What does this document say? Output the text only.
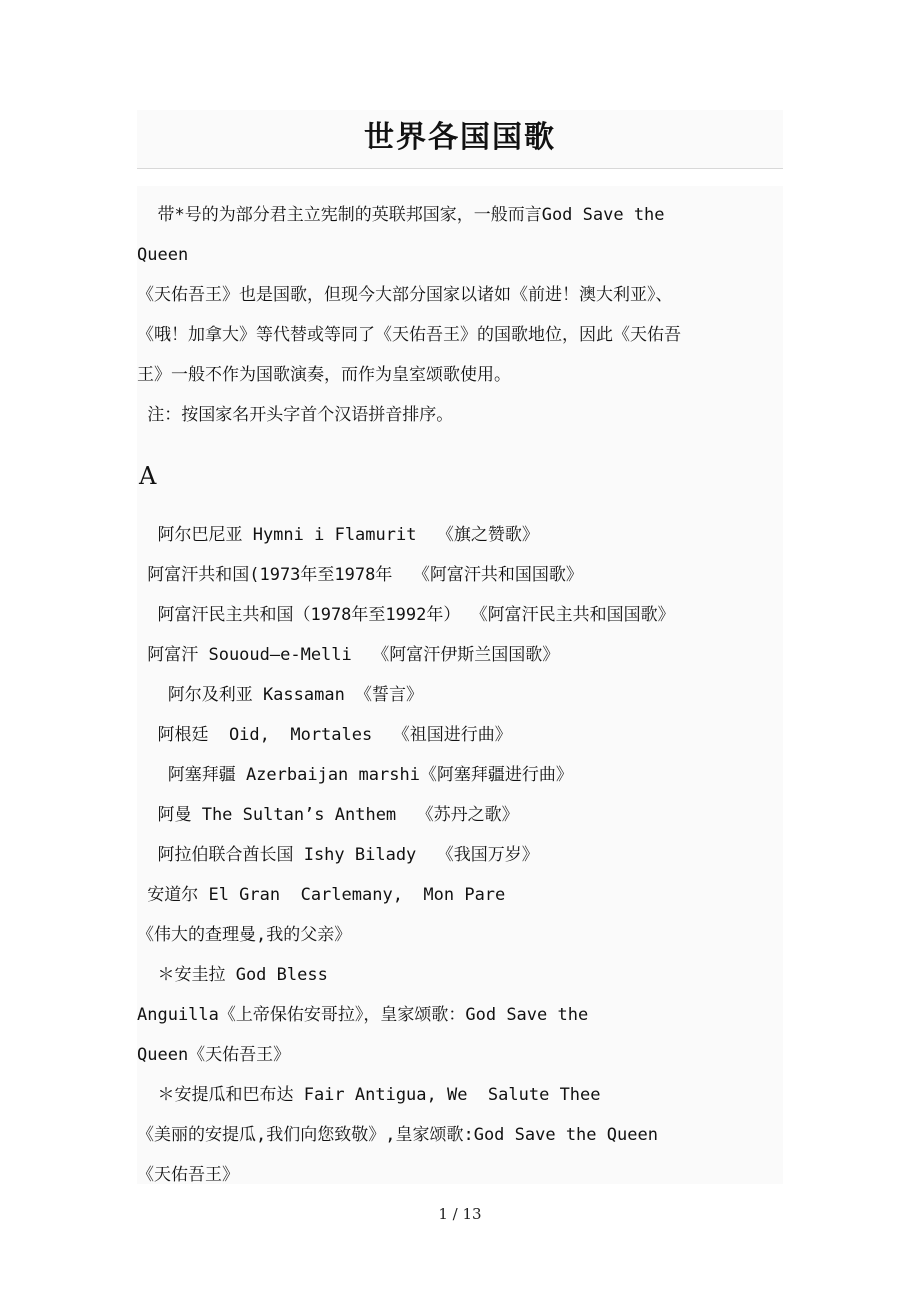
世界各国国歌
带*号的为部分君主立宪制的英联邦国家，一般而言God Save the
Queen
《天佑吾王》也是国歌，但现今大部分国家以诸如《前进！澳大利亚》、
《哦！加拿大》等代替或等同了《天佑吾王》的国歌地位，因此《天佑吾
王》一般不作为国歌演奏，而作为皇室颂歌使用。
注：按国家名开头字首个汉语拼音排序。
A
阿尔巴尼亚 Hymni i Flamurit  《旗之赞歌》
阿富汗共和国(1973年至1978年  《阿富汗共和国国歌》
阿富汗民主共和国（1978年至1992年） 《阿富汗民主共和国国歌》
阿富汗 Sououd—e-Melli  《阿富汗伊斯兰国国歌》
阿尔及利亚 Kassaman 《誓言》
阿根廷  Oid,  Mortales  《祖国进行曲》
阿塞拜疆 Azerbaijan marshi《阿塞拜疆进行曲》
阿曼 The Sultan’s Anthem  《苏丹之歌》
阿拉伯联合酋长国 Ishy Bilady  《我国万岁》
安道尔 El Gran  Carlemany,  Mon Pare
《伟大的查理曼,我的父亲》
＊安圭拉 God Bless
Anguilla《上帝保佑安哥拉》，皇家颂歌：God Save the
Queen《天佑吾王》
＊安提瓜和巴布达 Fair Antigua, We  Salute Thee
《美丽的安提瓜,我们向您致敬》,皇家颂歌:God Save the Queen
《天佑吾王》
1 / 13
